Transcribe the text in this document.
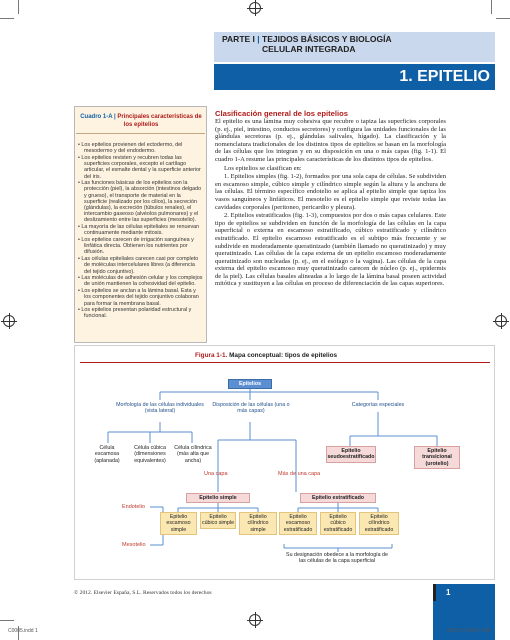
PARTE I | TEJIDOS BÁSICOS Y BIOLOGÍA
CELULAR INTEGRADA
1. EPITELIO
Cuadro 1-A | Principales características de los epitelios
• Los epitelios provienen del ectodermo, del mesodermo y del endodermo.
• Los epitelios revisten y recubren todas las superficies corporales, excepto el cartílago articular, el esmalte dental y la superficie anterior del iris.
• Las funciones básicas de los epitelios son la protección (piel), la absorción (intestinos delgado y grueso), el transporte de material en la superficie (realizado por los cilios), la secreción (glándulas), la excreción (túbulos renales), el intercambio gaseoso (alvéolos pulmonares) y el deslizamiento entre las superficies (mesotelio).
• La mayoría de las células epiteliales se renuevan continuamente mediante mitosis.
• Los epitelios carecen de irrigación sanguínea y linfática directa. Obtienen los nutrientes por difusión.
• Las células epiteliales carecen casi por completo de moléculas intercelulares libres (a diferencia del tejido conjuntivo).
• Las moléculas de adhesión celular y los complejos de unión mantienen la cohesividad del epitelio.
• Los epitelios se anclan a la lámina basal. Esta y los componentes del tejido conjuntivo colaboran para formar la membrana basal.
• Los epitelios presentan polaridad estructural y funcional.
Clasificación general de los epitelios

El epitelio es una lámina muy cohesiva que recubre o tapiza las superficies corporales (p. ej., piel, intestino, conductos secretores) y configura las unidades funcionales de las glándulas secretoras (p. ej., glándulas salivales, hígado). La clasificación y la nomenclatura tradicionales de los distintos tipos de epitelios se basan en la morfología de las células que los integran y en su disposición en una o más capas (fig. 1-1). El cuadro 1-A resume las principales características de los distintos tipos de epitelios.

Los epitelios se clasifican en:

1. Epitelios simples (fig. 1-2), formados por una sola capa de células. Se subdividen en escamoso simple, cúbico simple y cilíndrico simple según la altura y la anchura de las células. El término específico endotelio se aplica al epitelio simple que tapiza los vasos sanguíneos y linfáticos. El mesotelio es el epitelio simple que reviste todas las cavidades corporales (peritoneo, pericardio y pleura).

2. Epitelios estratificados (fig. 1-3), compuestos por dos o más capas celulares. Este tipo de epitelios se subdividen en función de la morfología de las células en la capa superficial o externa en escamoso estratificado, cúbico estratificado y cilíndrico estratificado. El epitelio escamoso estratificado es el subtipo más frecuente y se subdivide en moderadamente queratinizado (también llamado no queratinizado) y muy queratinizado. Las células de la capa externa de un epitelio escamoso moderadamente queratinizado son nucleadas (p. ej., en el esófago o la vagina). Las células de la capa externa del epitelio escamoso muy queratinizado carecen de núcleo (p. ej., epidermis de la piel). Las células basales alineadas a lo largo de la lámina basal poseen actividad mitótica y sustituyen a las células en proceso de diferenciación de las capas superiores.

Figura 1-1. Mapa conceptual: tipos de epitelios
Epitelios
Morfología de las células individuales (vista lateral)
Disposición de las células (una o más capas)
Categorías especiales
Célula escamosa (aplanada)
Célula cúbica (dimensiones equivalentes)
Célula cilíndrica (más alta que ancha)
Una capa	Más de una capa
Epitelio seudoestratificado
Epitelio transicional (urotelio)
Epitelio simple	Epitelio estratificado
Epitelio escamoso simple
Epitelio cúbico simple
Epitelio cilíndrico simple
Epitelio escamoso estratificado
Epitelio cúbico estratificado
Epitelio cilíndrico estratificado
Endotelio
Mesotelio
Su designación obedece a la morfología de las células de la capa superficial
© 2012. Elsevier España, S.L. Reservados todos los derechos	1
C0005.indd 1	3/5/12 10:48:47 AM
